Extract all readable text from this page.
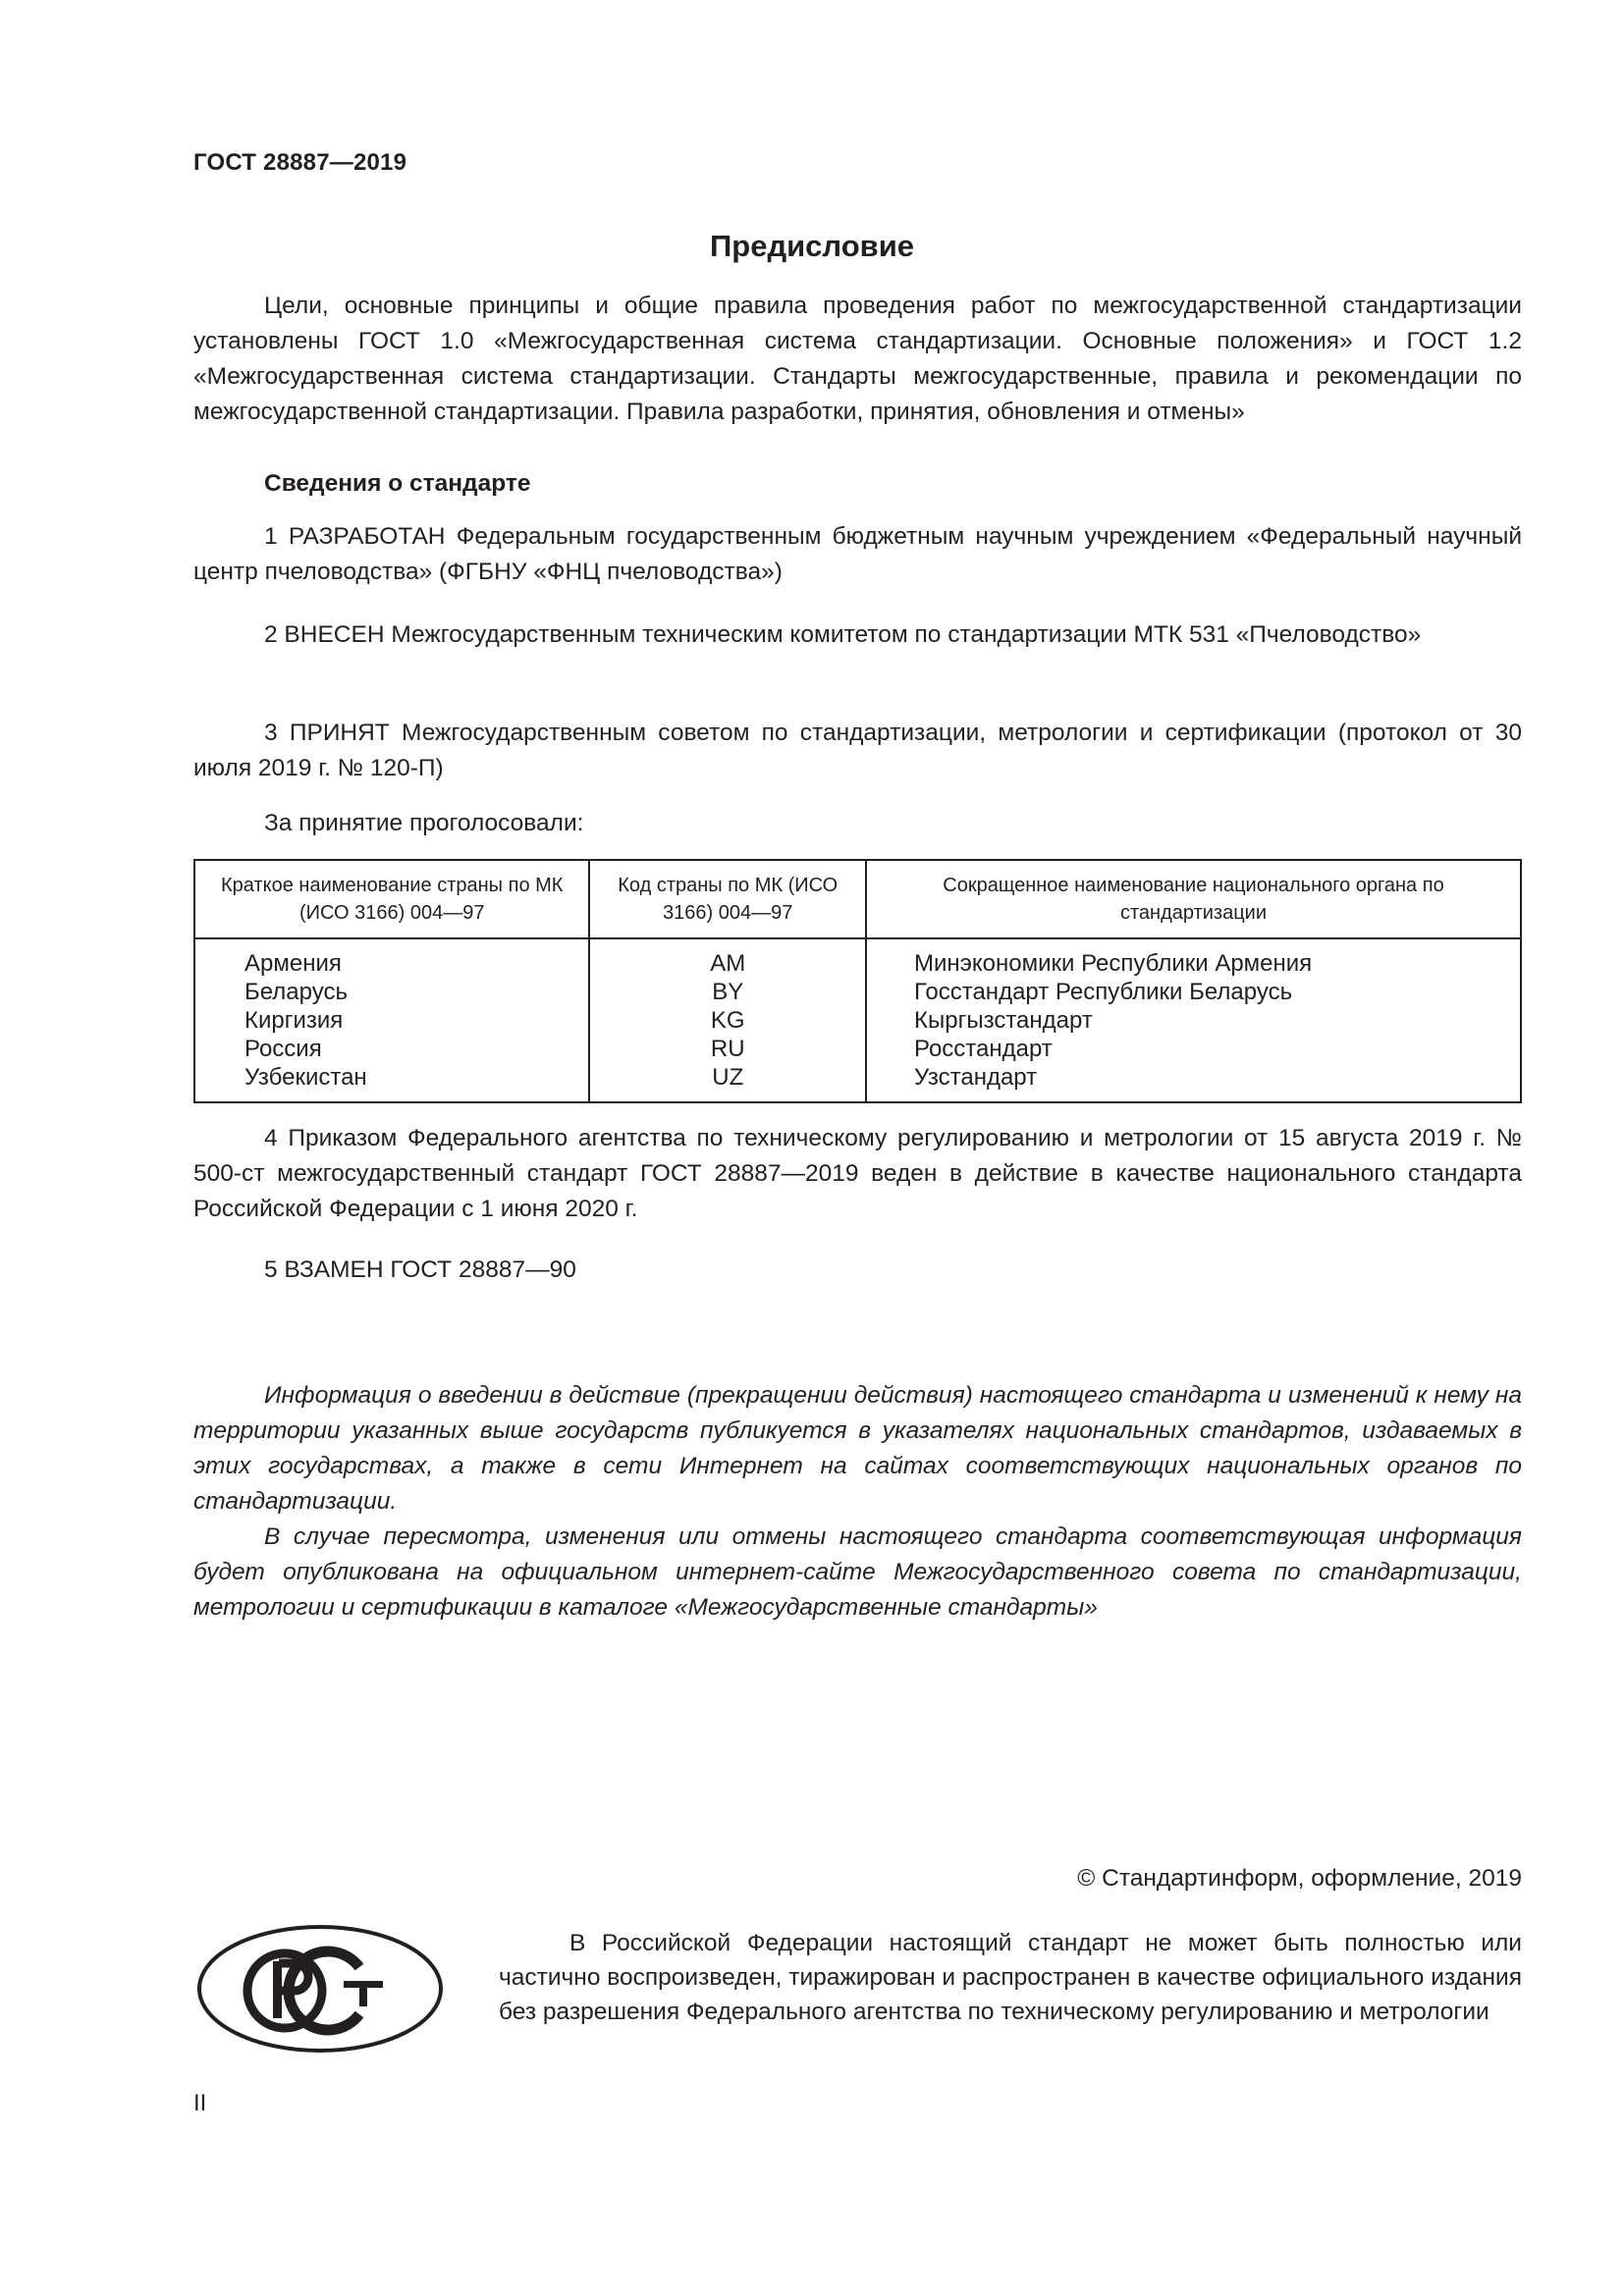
ГОСТ 28887—2019
Предисловие

Цели, основные принципы и общие правила проведения работ по межгосударственной стандартизации установлены ГОСТ 1.0 «Межгосударственная система стандартизации. Основные положения» и ГОСТ 1.2 «Межгосударственная система стандартизации. Стандарты межгосударственные, правила и рекомендации по межгосударственной стандартизации. Правила разработки, принятия, обновления и отмены»

Сведения о стандарте

1 РАЗРАБОТАН Федеральным государственным бюджетным научным учреждением «Федеральный научный центр пчеловодства» (ФГБНУ «ФНЦ пчеловодства»)

2 ВНЕСЕН Межгосударственным техническим комитетом по стандартизации МТК 531 «Пчеловодство»

3 ПРИНЯТ Межгосударственным советом по стандартизации, метрологии и сертификации (протокол от 30 июля 2019 г. № 120-П)

За принятие проголосовали:
Краткое наименование страны по МК (ИСО 3166) 004—97	Код страны по МК (ИСО 3166) 004—97	Сокращенное наименование национального органа по стандартизации
Армения	AM	Минэкономики Республики Армения
Беларусь	BY	Госстандарт Республики Беларусь
Киргизия	KG	Кыргызстандарт
Россия	RU	Росстандарт
Узбекистан	UZ	Узстандарт

4 Приказом Федерального агентства по техническому регулированию и метрологии от 15 августа 2019 г. № 500-ст межгосударственный стандарт ГОСТ 28887—2019 веден в действие в качестве национального стандарта Российской Федерации с 1 июня 2020 г.

5 ВЗАМЕН ГОСТ 28887—90

Информация о введении в действие (прекращении действия) настоящего стандарта и изменений к нему на территории указанных выше государств публикуется в указателях национальных стандартов, издаваемых в этих государствах, а также в сети Интернет на сайтах соответствующих национальных органов по стандартизации.

В случае пересмотра, изменения или отмены настоящего стандарта соответствующая информация будет опубликована на официальном интернет-сайте Межгосударственного совета по стандартизации, метрологии и сертификации в каталоге «Межгосударственные стандарты»

© Стандартинформ, оформление, 2019
В Российской Федерации настоящий стандарт не может быть полностью или частично воспроизведен, тиражирован и распространен в качестве официального издания без разрешения Федерального агентства по техническому регулированию и метрологии
II
